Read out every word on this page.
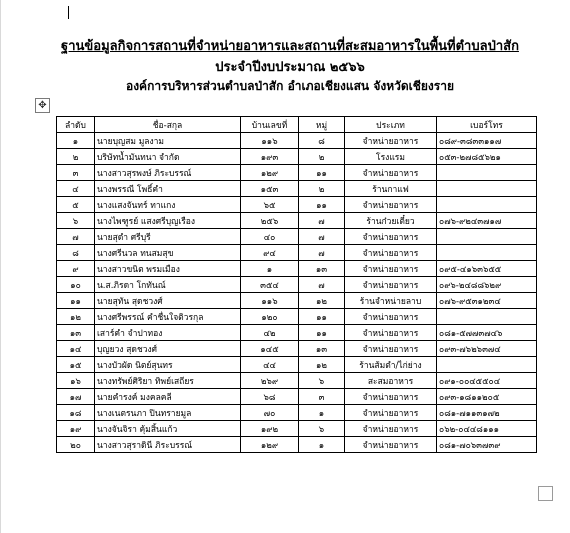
ฐานข้อมูลกิจการสถานที่จำหน่ายอาหารและสถานที่สะสมอาหารในพื้นที่ตำบลป่าสัก
ประจำปีงบประมาณ ๒๕๖๖
องค์การบริหารส่วนตำบลป่าสัก อำเภอเชียงแสน จังหวัดเชียงราย
✥
ลำดับ	ชื่อ-สกุล	บ้านเลขที่	หมู่	ประเภท	เบอร์โทร
๑	นายบุญสม มูลงาม	๑๑๖	๘	จำหน่ายอาหาร	๐๘๙-๓๘๓๓๑๑๗
๒	บริษัทน้ำมันทนา จำกัด	๑๙๓	๒	โรงแรม	๐๕๓-๒๗๘๕๖๒๑
๓	นางสาวสุรพงษ์ ภิระบรรณ์	๑๒๙	๑๑	จำหน่ายอาหาร	
๔	นางพรรณี โพธิ์คำ	๑๕๓	๒	ร้านกาแฟ	
๕	นางแสงจันทร์ ทาแกง	๖๕	๑๑	จำหน่ายอาหาร	
๖	นางไพฑูรย์ แสงศรีบุญเรือง	๒๕๖	๗	ร้านก๋วยเตี๋ยว	๐๗๖-๙๒๔๓๗๑๗
๗	นายสุดำ ศรีบุรี	๔๐	๗	จำหน่ายอาหาร	
๘	นางศรีนวล ทนสมสุข	๙๔	๗	จำหน่ายอาหาร	
๙	นางสาวขนิต พรมเมือง	๑	๑๓	จำหน่ายอาหาร	๐๙๕-๔๑๖๓๖๕๕
๑๐	น.ส.ภิรดา โกทันณ์	๓๕๔	๗	จำหน่ายอาหาร	๐๙๖-๒๔๘๘๖๒๙
๑๑	นายสุทัน สุดชวงศ์	๑๑๖	๑๒	ร้านจำหน่ายลาบ	๐๗๖-๙๕๓๑๒๓๔
๑๒	นางศรีพรรณ์ คำชื่นใจติวรกุล	๑๒๐	๑๑	จำหน่ายอาหาร	
๑๓	เสาร์คำ จำปาทอง	๔๒	๑๑	จำหน่ายอาหาร	๐๘๑-๕๗๗๓๗๔๖
๑๔	บุญยวง สุดชวงศ์	๑๔๕	๑๓	จำหน่ายอาหาร	๐๙๓-๗๖๒๖๓๗๔
๑๕	นางบัวผัด นิตย์สุนทร	๔๔	๑๒	ร้านส้มตำ/ไก่ย่าง	
๑๖	นางทรัพย์ศิริยา ทิพย์เสถียร	๒๖๙	๖	สะสมอาหาร	๐๙๑-๐๐๔๕๕๐๔
๑๗	นายคำรงค์ มงคลคลี	๖๘	๓	จำหน่ายอาหาร	๐๙๓-๑๘๑๑๒๐๕
๑๘	นางเนตรนภา ปินทรายมูล	๗๐	๑	จำหน่ายอาหาร	๐๘๑-๗๑๑๓๑๗๒
๑๙	นางจันจิรา คุ้มสิ้นแก้ว	๑๙๒	๖	จำหน่ายอาหาร	๐๖๒-๐๔๔๘๑๑๑
๒๐	นางสาวสุราดินี ภิระบรรณ์	๑๒๙	๑	จำหน่ายอาหาร	๐๘๑-๗๐๖๓๗๓๙
